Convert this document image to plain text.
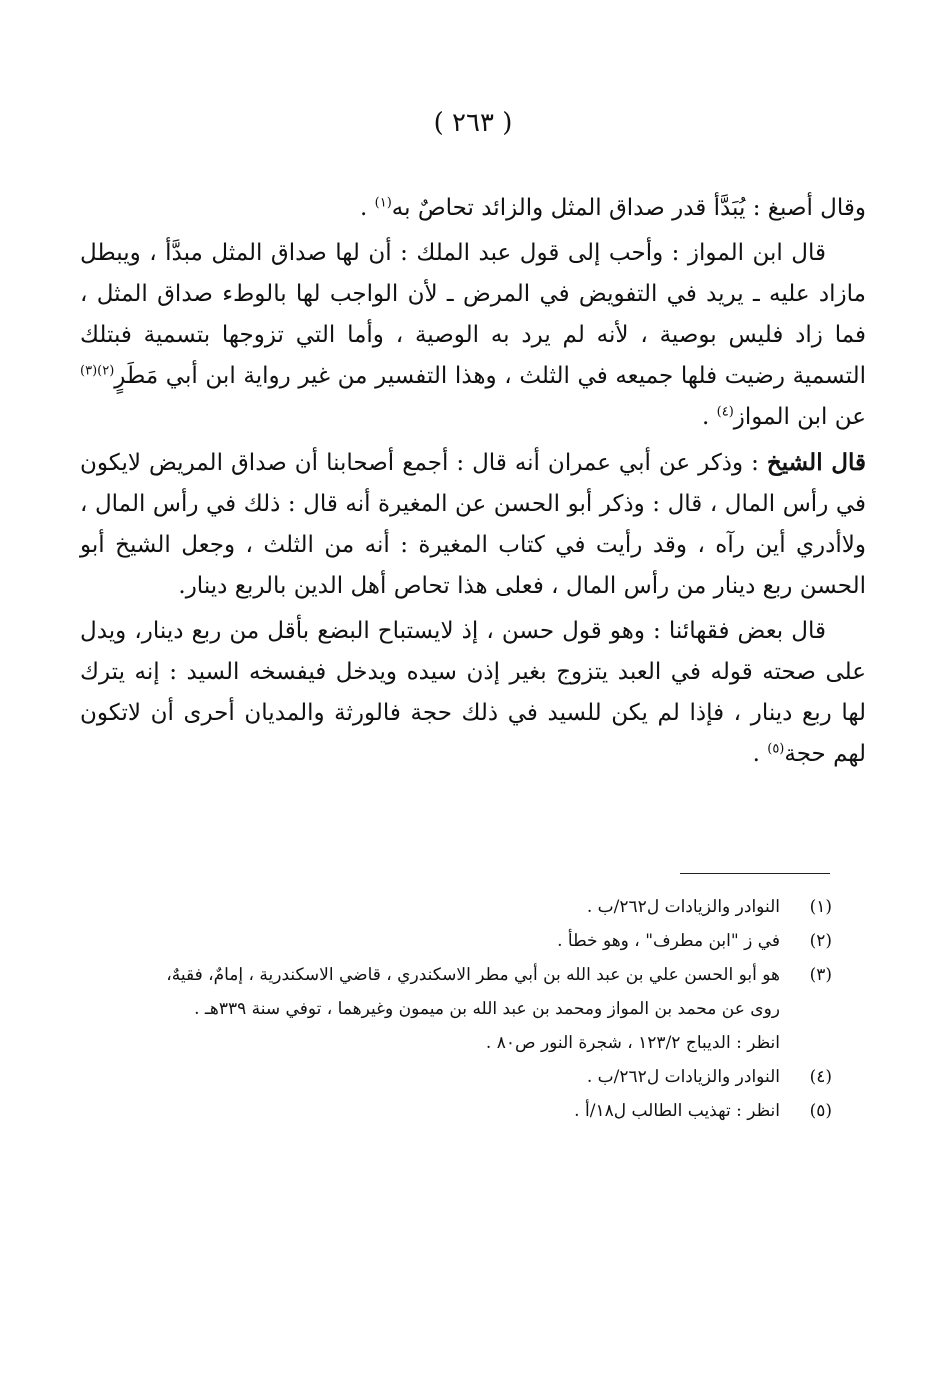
( ٢٦٣ )

وقال أصبغ : يُبَدَّأ قدر صداق المثل والزائد تحاصٌ به$^{(١)}$ .

قال ابن المواز : وأحب إلى قول عبد الملك : أن لها صداق المثل مبدَّأ ، ويبطل مازاد عليه ـ يريد في التفويض في المرض ـ لأن الواجب لها بالوطء صداق المثل ، فما زاد فليس بوصية ، لأنه لم يرد به الوصية ، وأما التي تزوجها بتسمية فبتلك التسمية رضيت فلها جميعه في الثلث ، وهذا التفسير من غير رواية ابن أبي مَطَرٍ$^{(٢)(٣)}$ عن ابن المواز$^{(٤)}$ .

قال الشيخ : وذكر عن أبي عمران أنه قال : أجمع أصحابنا أن صداق المريض لايكون في رأس المال ، قال : وذكر أبو الحسن عن المغيرة أنه قال : ذلك في رأس المال ، ولاأدري أين رآه ، وقد رأيت في كتاب المغيرة : أنه من الثلث ، وجعل الشيخ أبو الحسن ربع دينار من رأس المال ، فعلى هذا تحاص أهل الدين بالربع دينار.

قال بعض فقهائنا : وهو قول حسن ، إذ لايستباح البضع بأقل من ربع دينار، ويدل على صحته قوله في العبد يتزوج بغير إذن سيده ويدخل فيفسخه السيد : إنه يترك لها ربع دينار ، فإذا لم يكن للسيد في ذلك حجة فالورثة والمديان أحرى أن لاتكون لهم حجة$^{(٥)}$ .

(١)
النوادر والزيادات ل٢٦٢/ب .
(٢)
في ز "ابن مطرف" ، وهو خطأ .
(٣)
هو أبو الحسن علي بن عبد الله بن أبي مطر الاسكندري ، قاضي الاسكندرية ، إمامٌ، فقيهٌ،
روى عن محمد بن المواز ومحمد بن عبد الله بن ميمون وغيرهما ، توفي سنة ٣٣٩هـ .
انظر : الديباج ١٢٣/٢ ، شجرة النور ص٨٠ .
(٤)
النوادر والزيادات ل٢٦٢/ب .
(٥)
انظر : تهذيب الطالب ل١٨/أ .
